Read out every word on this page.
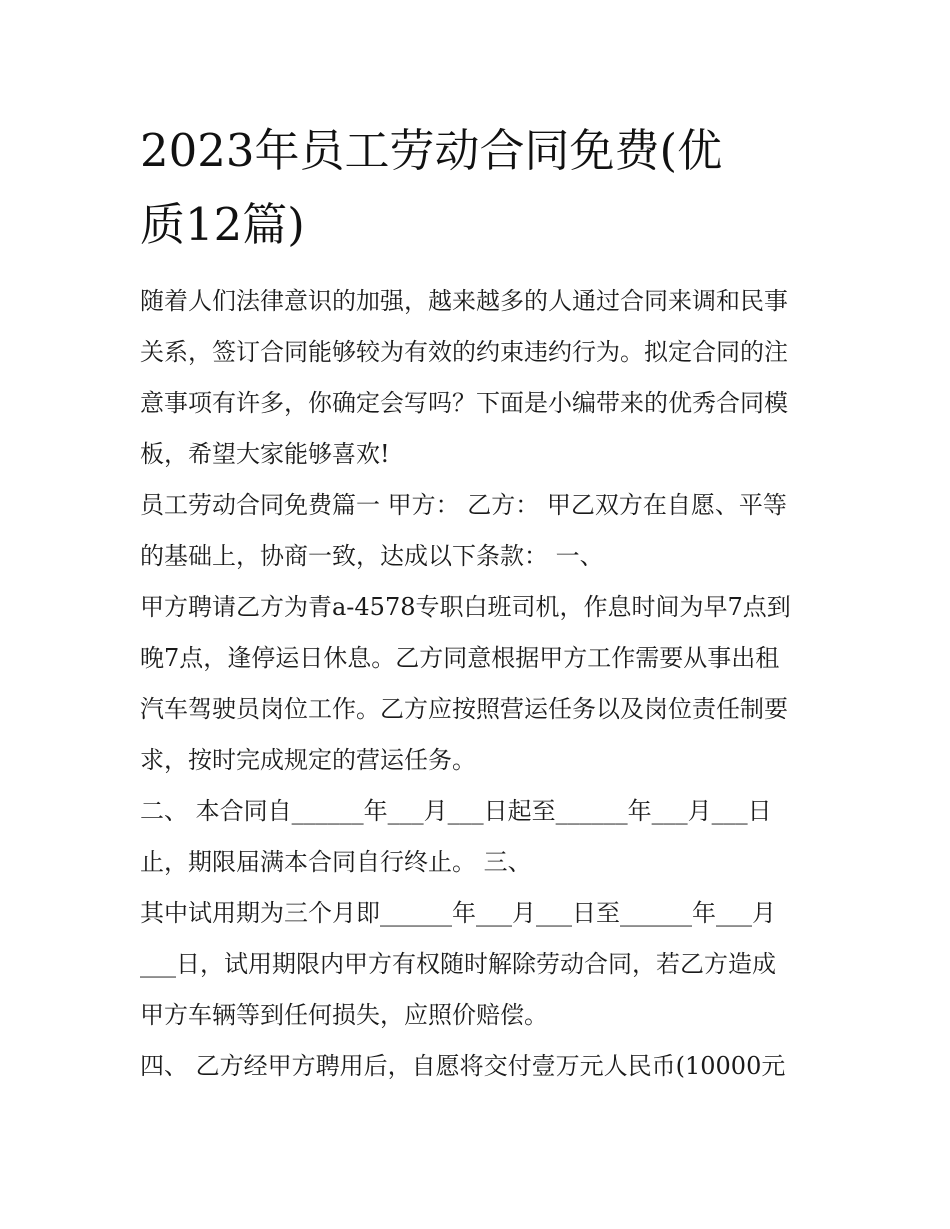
2023年员工劳动合同免费(优
质12篇)
随着人们法律意识的加强，越来越多的人通过合同来调和民事
关系，签订合同能够较为有效的约束违约行为。拟定合同的注
意事项有许多，你确定会写吗？下面是小编带来的优秀合同模
板，希望大家能够喜欢!
员工劳动合同免费篇一 甲方： 乙方： 甲乙双方在自愿、平等
的基础上，协商一致，达成以下条款： 一、
甲方聘请乙方为青a-4578专职白班司机，作息时间为早7点到
晚7点，逢停运日休息。乙方同意根据甲方工作需要从事出租
汽车驾驶员岗位工作。乙方应按照营运任务以及岗位责任制要
求，按时完成规定的营运任务。
二、 本合同自______年___月___日起至______年___月___日
止，期限届满本合同自行终止。 三、
其中试用期为三个月即______年___月___日至______年___月
___日，试用期限内甲方有权随时解除劳动合同，若乙方造成
甲方车辆等到任何损失，应照价赔偿。
四、 乙方经甲方聘用后，自愿将交付壹万元人民币(10000元
